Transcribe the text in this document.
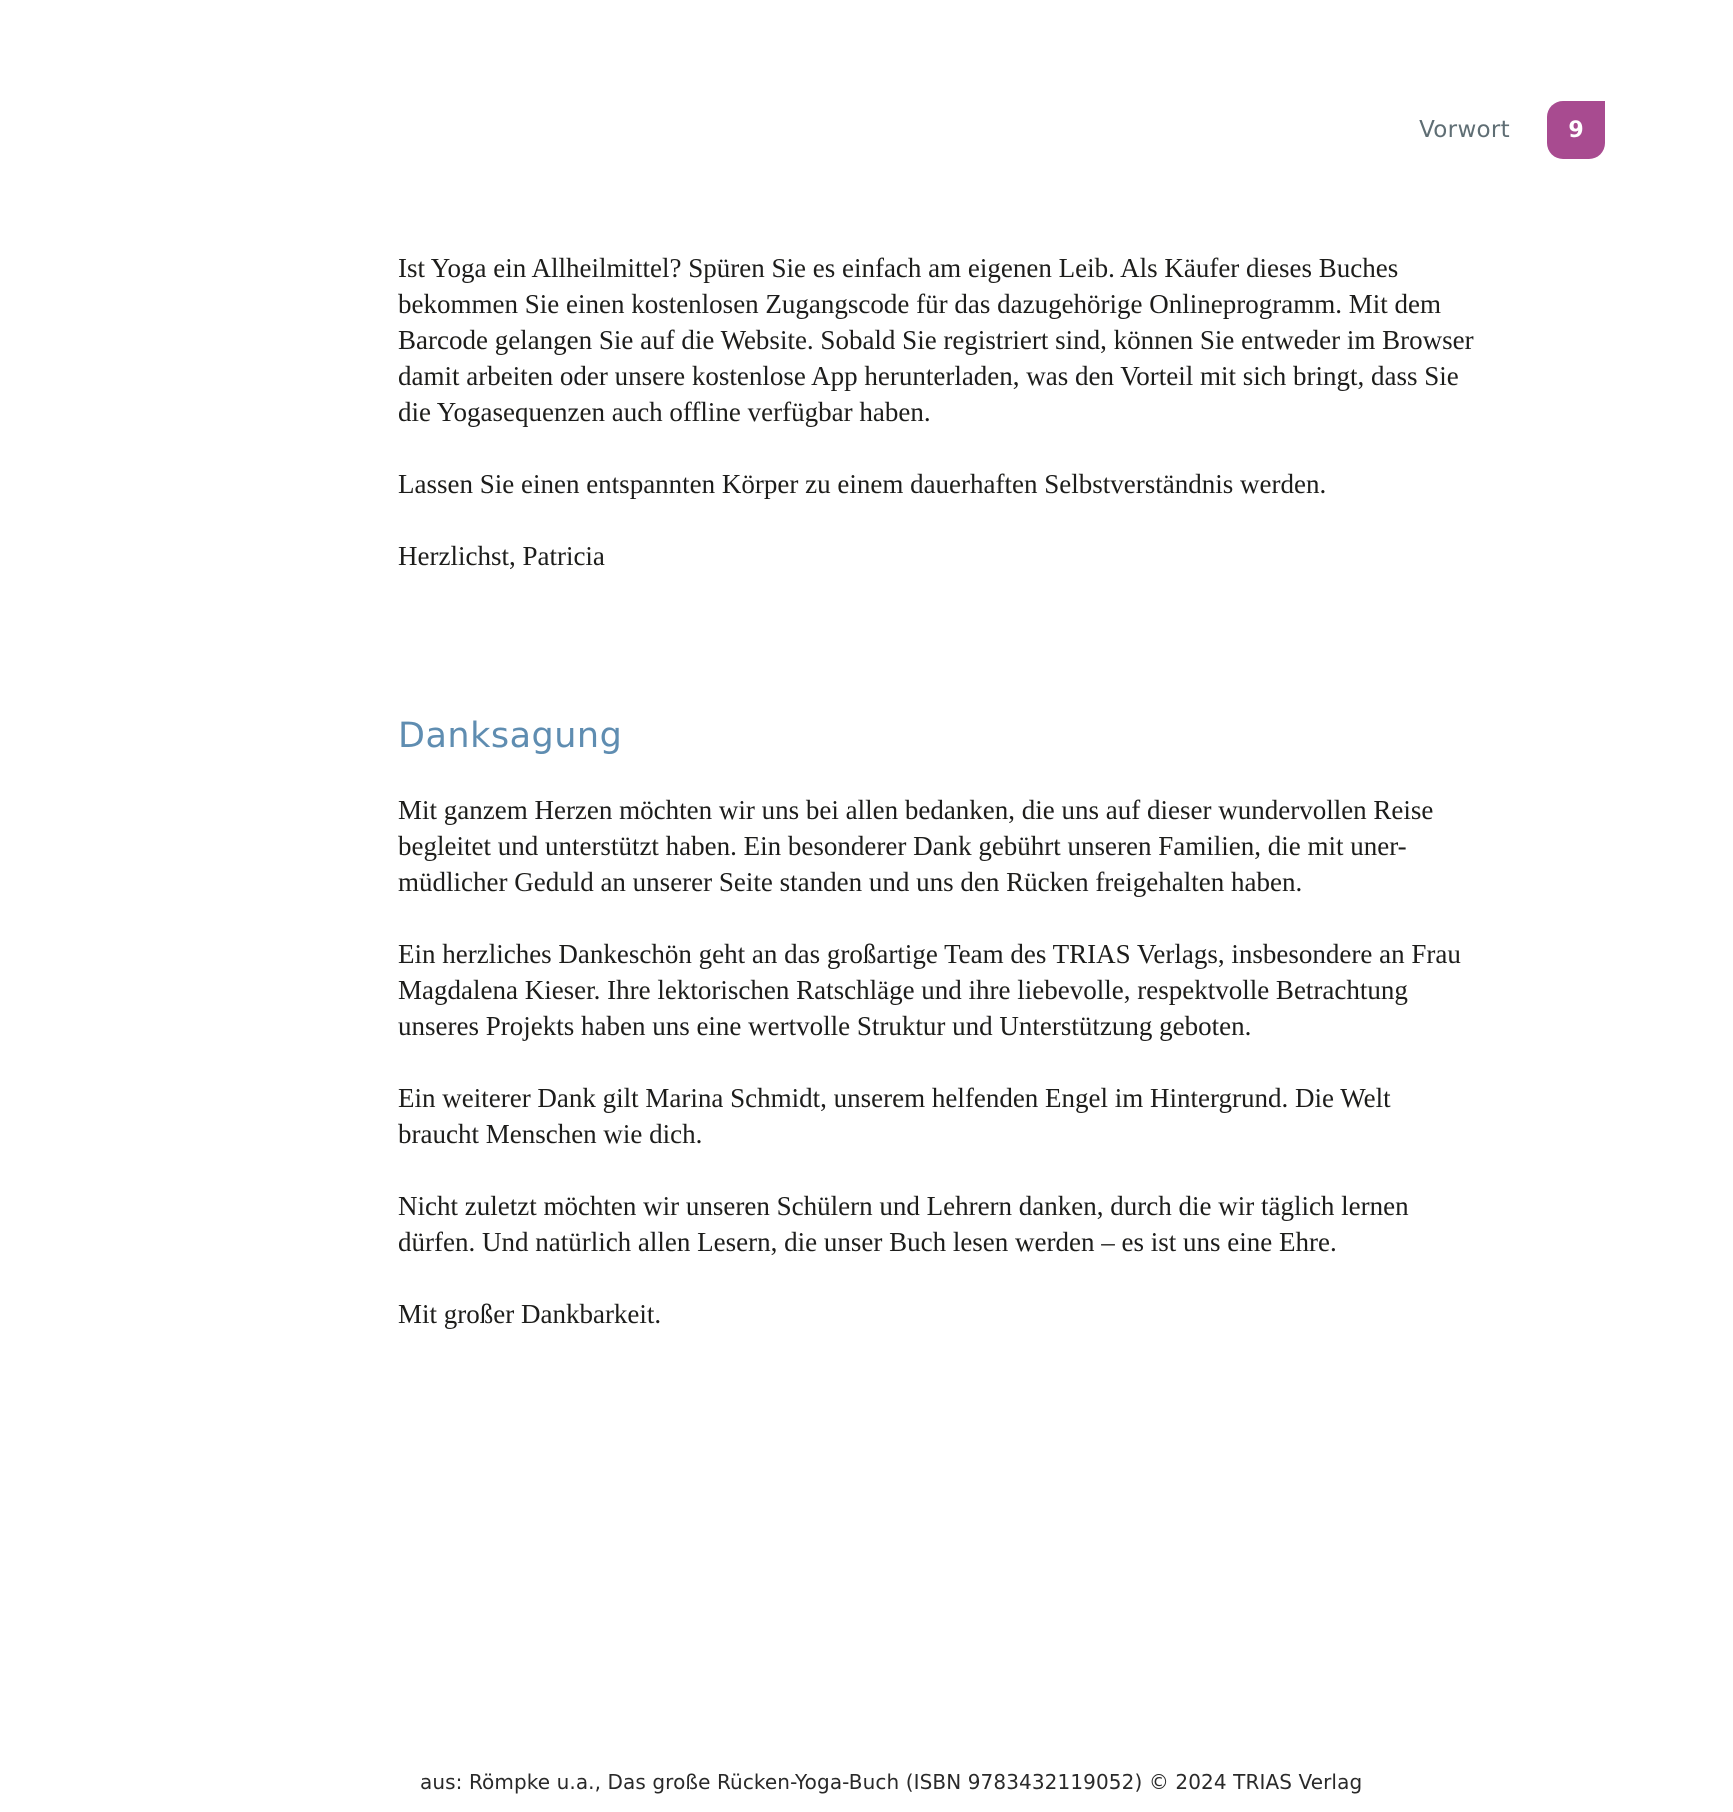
Vorwort	9

Ist Yoga ein Allheilmittel? Spüren Sie es einfach am eigenen Leib. Als Käufer dieses Buches
bekommen Sie einen kostenlosen Zugangscode für das dazugehörige Onlineprogramm. Mit dem
Barcode gelangen Sie auf die Website. Sobald Sie registriert sind, können Sie entweder im Browser
damit arbeiten oder unsere kostenlose App herunterladen, was den Vorteil mit sich bringt, dass Sie
die Yogasequenzen auch offline verfügbar haben.

Lassen Sie einen entspannten Körper zu einem dauerhaften Selbstverständnis werden.

Herzlichst, Patricia

Danksagung

Mit ganzem Herzen möchten wir uns bei allen bedanken, die uns auf dieser wundervollen Reise
begleitet und unterstützt haben. Ein besonderer Dank gebührt unseren Familien, die mit uner-
müdlicher Geduld an unserer Seite standen und uns den Rücken freigehalten haben.

Ein herzliches Dankeschön geht an das großartige Team des TRIAS Verlags, insbesondere an Frau
Magdalena Kieser. Ihre lektorischen Ratschläge und ihre liebevolle, respektvolle Betrachtung
unseres Projekts haben uns eine wertvolle Struktur und Unterstützung geboten.

Ein weiterer Dank gilt Marina Schmidt, unserem helfenden Engel im Hintergrund. Die Welt
braucht Menschen wie dich.

Nicht zuletzt möchten wir unseren Schülern und Lehrern danken, durch die wir täglich lernen
dürfen. Und natürlich allen Lesern, die unser Buch lesen werden – es ist uns eine Ehre.

Mit großer Dankbarkeit.

aus: Römpke u.a., Das große Rücken-Yoga-Buch (ISBN 9783432119052) © 2024 TRIAS Verlag
